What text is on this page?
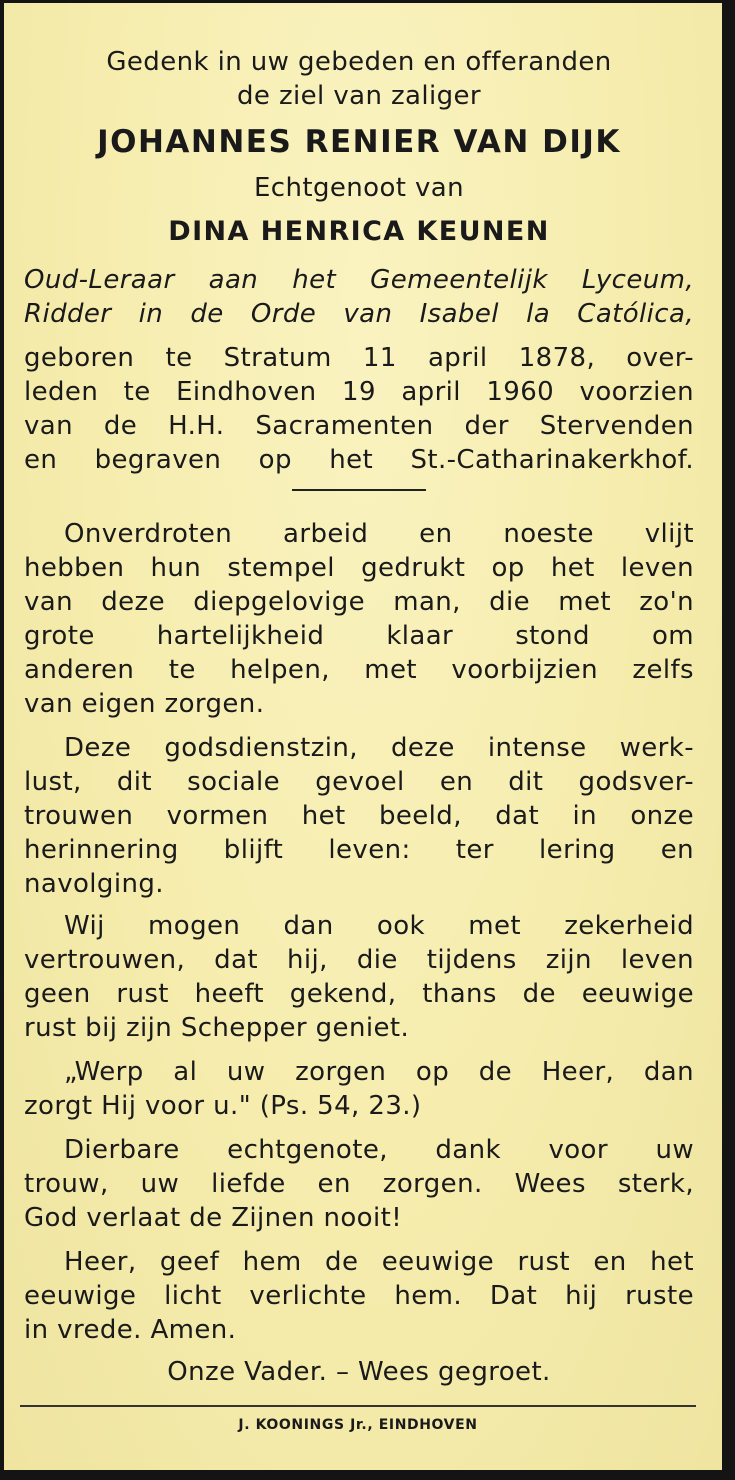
Gedenk in uw gebeden en offeranden
de ziel van zaliger
JOHANNES RENIER VAN DIJK
Echtgenoot van
DINA HENRICA KEUNEN
Oud-Leraar aan het Gemeentelijk Lyceum,
Ridder in de Orde van Isabel la Católica,
geboren te Stratum 11 april 1878, over-
leden te Eindhoven 19 april 1960 voorzien
van de H.H. Sacramenten der Stervenden
en begraven op het St.-Catharinakerkhof.
Onverdroten arbeid en noeste vlijt
hebben hun stempel gedrukt op het leven
van deze diepgelovige man, die met zo'n
grote hartelijkheid klaar stond om
anderen te helpen, met voorbijzien zelfs
van eigen zorgen.
Deze godsdienstzin, deze intense werk-
lust, dit sociale gevoel en dit godsver-
trouwen vormen het beeld, dat in onze
herinnering blijft leven: ter lering en
navolging.
Wij mogen dan ook met zekerheid
vertrouwen, dat hij, die tijdens zijn leven
geen rust heeft gekend, thans de eeuwige
rust bij zijn Schepper geniet.
„Werp al uw zorgen op de Heer, dan
zorgt Hij voor u." (Ps. 54, 23.)
Dierbare echtgenote, dank voor uw
trouw, uw liefde en zorgen. Wees sterk,
God verlaat de Zijnen nooit!
Heer, geef hem de eeuwige rust en het
eeuwige licht verlichte hem. Dat hij ruste
in vrede. Amen.
Onze Vader. – Wees gegroet.
J. KOONINGS Jr., EINDHOVEN
